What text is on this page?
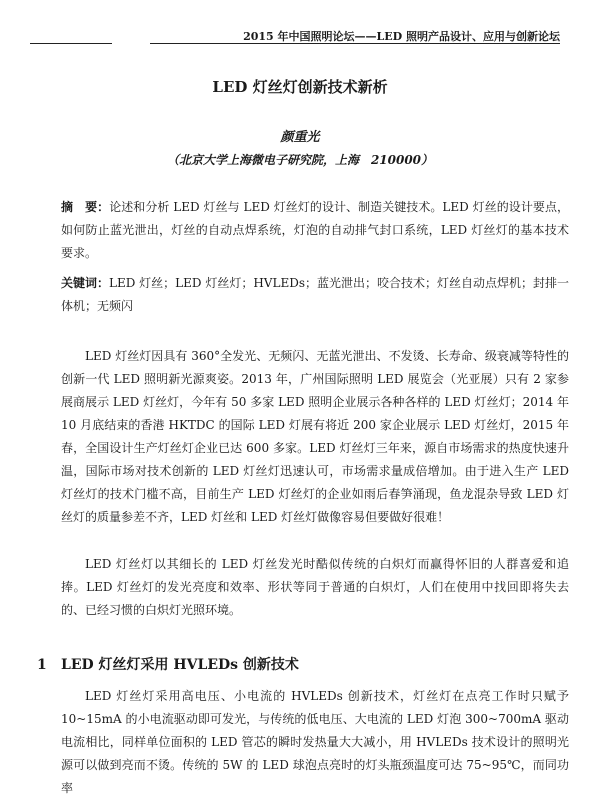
2015 年中国照明论坛——LED 照明产品设计、应用与创新论坛
LED 灯丝灯创新技术新析
颜重光
（北京大学上海微电子研究院，上海　210000）
摘　要：论述和分析 LED 灯丝与 LED 灯丝灯的设计、制造关键技术。LED 灯丝的设计要点，如何防止蓝光泄出，灯丝的自动点焊系统，灯泡的自动排气封口系统，LED 灯丝灯的基本技术要求。
关键词：LED 灯丝；LED 灯丝灯；HVLEDs；蓝光泄出；咬合技术；灯丝自动点焊机；封排一体机；无频闪
LED 灯丝灯因具有 360°全发光、无频闪、无蓝光泄出、不发烫、长寿命、级衰减等特性的创新一代 LED 照明新光源爽姿。2013 年，广州国际照明 LED 展览会（光亚展）只有 2 家参展商展示 LED 灯丝灯，今年有 50 多家 LED 照明企业展示各种各样的 LED 灯丝灯；2014 年 10 月底结束的香港 HKTDC 的国际 LED 灯展有将近 200 家企业展示 LED 灯丝灯，2015 年春，全国设计生产灯丝灯企业已达 600 多家。LED 灯丝灯三年来，源自市场需求的热度快速升温，国际市场对技术创新的 LED 灯丝灯迅速认可，市场需求量成倍增加。由于进入生产 LED 灯丝灯的技术门槛不高，目前生产 LED 灯丝灯的企业如雨后春笋涌现，鱼龙混杂导致 LED 灯丝灯的质量参差不齐，LED 灯丝和 LED 灯丝灯做像容易但要做好很难！
LED 灯丝灯以其细长的 LED 灯丝发光时酷似传统的白炽灯而赢得怀旧的人群喜爱和追捧。LED 灯丝灯的发光亮度和效率、形状等同于普通的白炽灯，人们在使用中找回即将失去的、已经习惯的白炽灯光照环境。
1 LED 灯丝灯采用 HVLEDs 创新技术
LED 灯丝灯采用高电压、小电流的 HVLEDs 创新技术，灯丝灯在点亮工作时只赋予 10~15mA 的小电流驱动即可发光，与传统的低电压、大电流的 LED 灯泡 300~700mA 驱动电流相比，同样单位面积的 LED 管芯的瞬时发热量大大减小，用 HVLEDs 技术设计的照明光源可以做到亮而不烫。传统的 5W 的 LED 球泡点亮时的灯头瓶颈温度可达 75~95℃，而同功率
